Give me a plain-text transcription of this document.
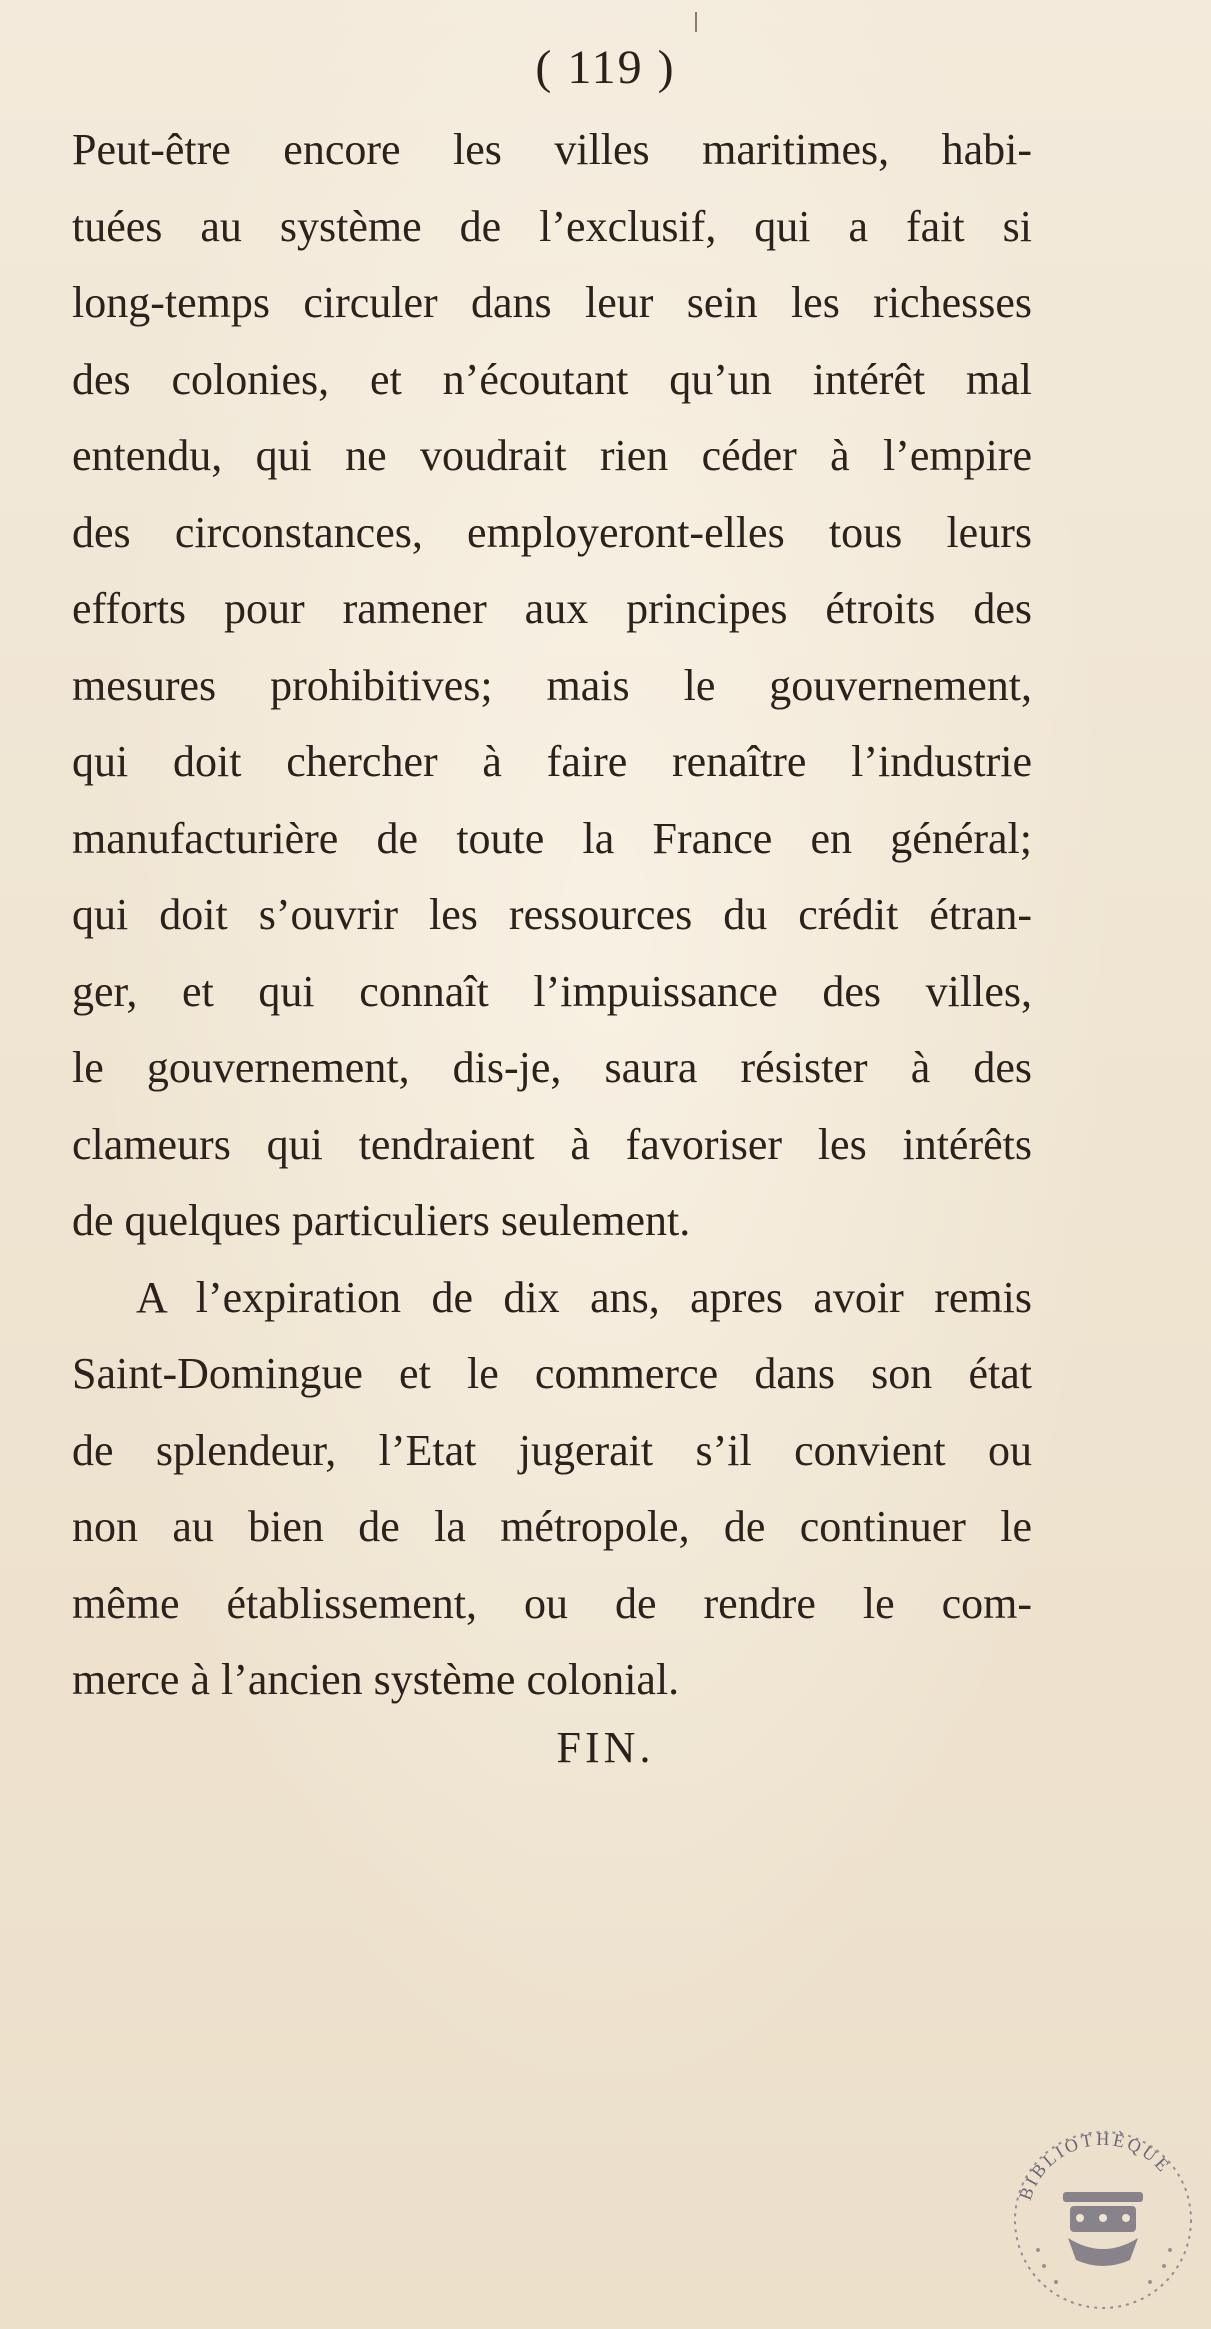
( 119 )
Peut-être encore les villes maritimes, habi-
tuées au système de l’exclusif, qui a fait si
long-temps circuler dans leur sein les richesses
des colonies, et n’écoutant qu’un intérêt mal
entendu, qui ne voudrait rien céder à l’empire
des circonstances, employeront-elles tous leurs
efforts pour ramener aux principes étroits des
mesures prohibitives; mais le gouvernement,
qui doit chercher à faire renaître l’industrie
manufacturière de toute la France en général;
qui doit s’ouvrir les ressources du crédit étran-
ger, et qui connaît l’impuissance des villes,
le gouvernement, dis-je, saura résister à des
clameurs qui tendraient à favoriser les intérêts
de quelques particuliers seulement.
A l’expiration de dix ans, apres avoir remis
Saint-Domingue et le commerce dans son état
de splendeur, l’Etat jugerait s’il convient ou
non au bien de la métropole, de continuer le
même établissement, ou de rendre le com-
merce à l’ancien système colonial.
FIN.
BIBLIOTHÈQUE
